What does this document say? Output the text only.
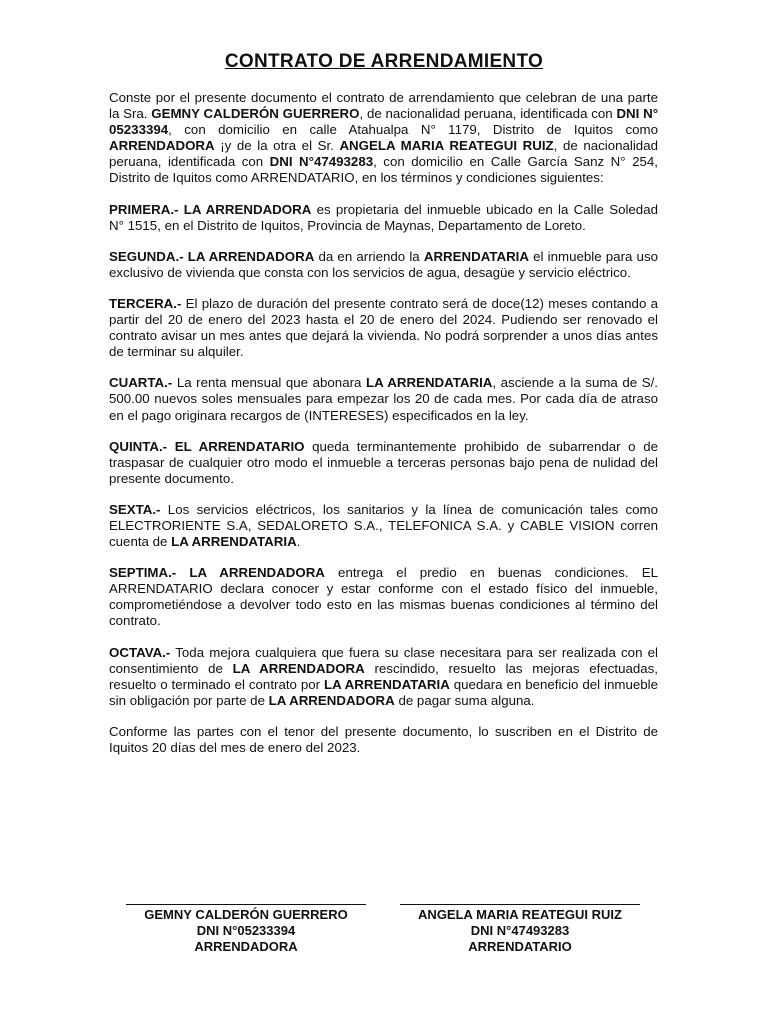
CONTRATO DE ARRENDAMIENTO

Conste por el presente documento el contrato de arrendamiento que celebran de una parte la Sra. GEMNY CALDERÓN GUERRERO, de nacionalidad peruana, identificada con DNI N° 05233394, con domicilio en calle Atahualpa N° 1179, Distrito de Iquitos como ARRENDADORA ¡y de la otra el Sr. ANGELA MARIA REATEGUI RUIZ, de nacionalidad peruana, identificada con DNI N°47493283, con domicilio en Calle García Sanz N° 254, Distrito de Iquitos como ARRENDATARIO, en los términos y condiciones siguientes:

PRIMERA.- LA ARRENDADORA es propietaria del inmueble ubicado en la Calle Soledad N° 1515, en el Distrito de Iquitos, Provincia de Maynas, Departamento de Loreto.

SEGUNDA.- LA ARRENDADORA da en arriendo la ARRENDATARIA el inmueble para uso exclusivo de vivienda que consta con los servicios de agua, desagüe y servicio eléctrico.

TERCERA.- El plazo de duración del presente contrato será de doce(12) meses contando a partir del 20 de enero del 2023 hasta el 20 de enero del 2024. Pudiendo ser renovado el contrato avisar un mes antes que dejará la vivienda. No podrá sorprender a unos días antes de terminar su alquiler.

CUARTA.- La renta mensual que abonara LA ARRENDATARIA, asciende a la suma de S/. 500.00 nuevos soles mensuales para empezar los 20 de cada mes. Por cada día de atraso en el pago originara recargos de (INTERESES) especificados en la ley.

QUINTA.- EL ARRENDATARIO queda terminantemente prohibido de subarrendar o de traspasar de cualquier otro modo el inmueble a terceras personas bajo pena de nulidad del presente documento.

SEXTA.- Los servicios eléctricos, los sanitarios y la línea de comunicación tales como ELECTRORIENTE S.A, SEDALORETO S.A., TELEFONICA S.A. y CABLE VISION corren cuenta de LA ARRENDATARIA.

SEPTIMA.- LA ARRENDADORA entrega el predio en buenas condiciones. EL ARRENDATARIO declara conocer y estar conforme con el estado físico del inmueble, comprometiéndose a devolver todo esto en las mismas buenas condiciones al término del contrato.

OCTAVA.- Toda mejora cualquiera que fuera su clase necesitara para ser realizada con el consentimiento de LA ARRENDADORA rescindido, resuelto las mejoras efectuadas, resuelto o terminado el contrato por LA ARRENDATARIA quedara en beneficio del inmueble sin obligación por parte de LA ARRENDADORA de pagar suma alguna.

Conforme las partes con el tenor del presente documento, lo suscriben en el Distrito de Iquitos 20 días del mes de enero del 2023.

GEMNY CALDERÓN GUERRERO
DNI N°05233394
ARRENDADORA
ANGELA MARIA REATEGUI RUIZ
DNI N°47493283
ARRENDATARIO
